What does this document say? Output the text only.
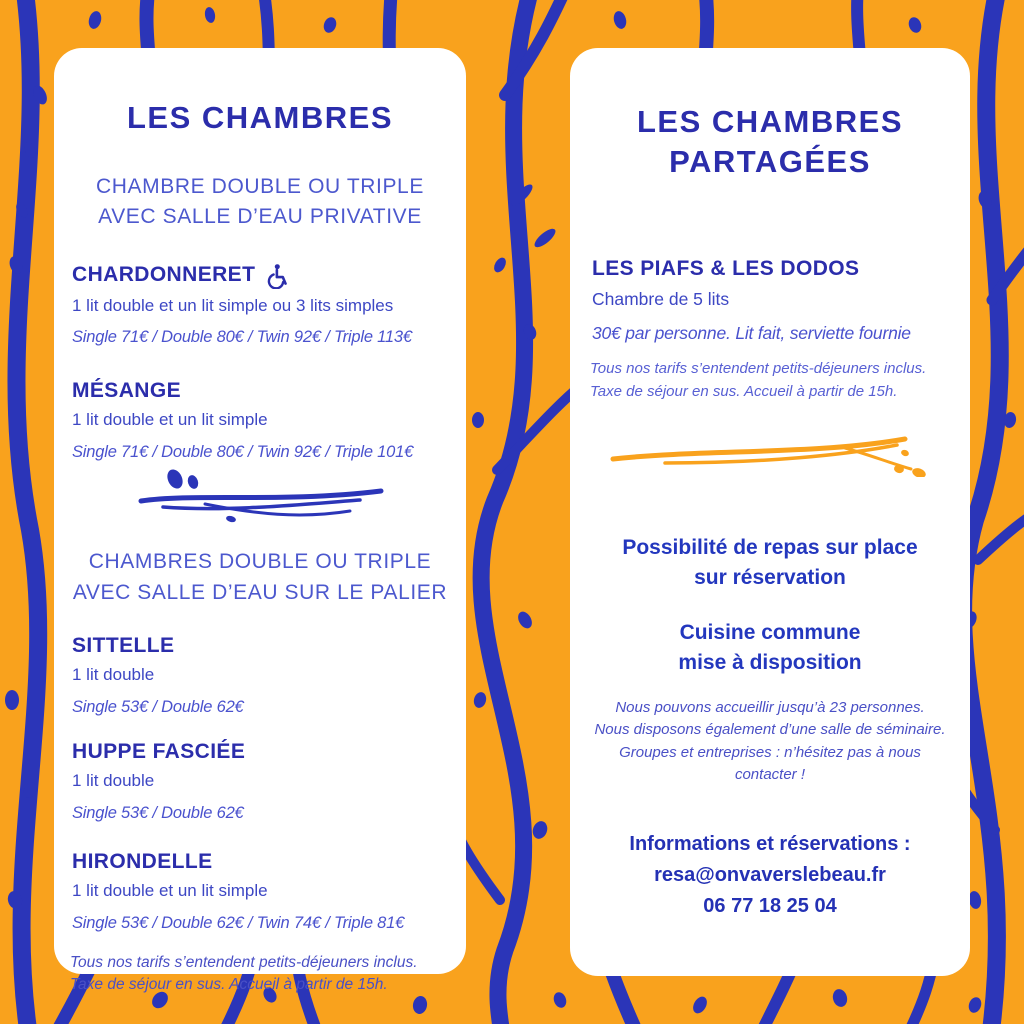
LES CHAMBRES

CHAMBRE DOUBLE OU TRIPLE
AVEC SALLE D’EAU PRIVATIVE

CHARDONNERET
1 lit double et un lit simple ou 3 lits simples
Single 71€ / Double 80€ / Twin 92€ / Triple 113€
MÉSANGE
1 lit double et un lit simple
Single 71€ / Double 80€ / Twin 92€ / Triple 101€

CHAMBRES DOUBLE OU TRIPLE
AVEC SALLE D’EAU SUR LE PALIER

SITTELLE
1 lit double
Single 53€ / Double 62€
HUPPE FASCIÉE
1 lit double
Single 53€ / Double 62€
HIRONDELLE
1 lit double et un lit simple
Single 53€ / Double 62€ / Twin 74€ / Triple 81€

Tous nos tarifs s’entendent petits-déjeuners inclus.
Taxe de séjour en sus. Accueil à partir de 15h.

LES CHAMBRES
PARTAGÉES
LES PIAFS & LES DODOS
Chambre de 5 lits
30€ par personne. Lit fait, serviette fournie

Tous nos tarifs s’entendent petits-déjeuners inclus. Taxe de séjour en sus. Accueil à partir de 15h.

Possibilité de repas sur place
sur réservation

Cuisine commune
mise à disposition

Nous pouvons accueillir jusqu’à 23 personnes.
Nous disposons également d’une salle de séminaire.
Groupes et entreprises : n’hésitez pas à nous contacter !

Informations et réservations :
resa@onvaverslebeau.fr
06 77 18 25 04
